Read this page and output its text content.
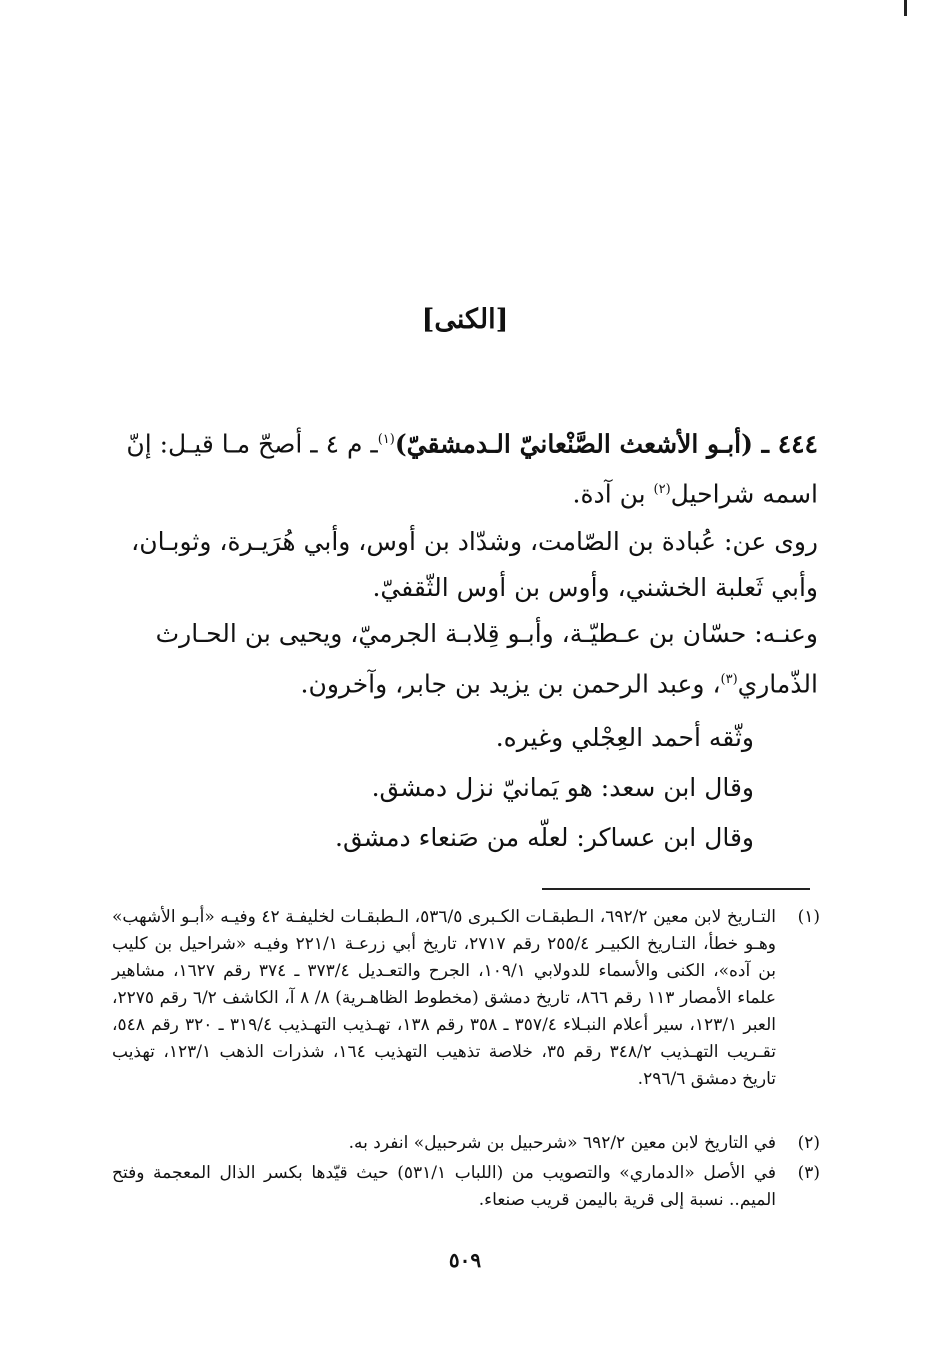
[الكنى]
٤٤٤ ـ (أبـو الأشعث الصَّنْعانيّ الـدمشقيّ)$^{(١)}$ـ م ٤ ـ أصحّ مـا قيـل: إنّ
اسمه شراحيل$^{(٢)}$ بن آدة.
روى عن: عُبادة بن الصّامت، وشدّاد بن أوس، وأبي هُرَيـرة، وثوبـان،
وأبي ثَعلبة الخشني، وأوس بن أوس الثّقفيّ.
وعنـه: حسّان بن عـطيّـة، وأبـو قِلابـة الجرميّ، ويحيى بن الحـارث
الذّماري$^{(٣)}$، وعبد الرحمن بن يزيد بن جابر، وآخرون.
وثّقه أحمد العِجْلي وغيره.
وقال ابن سعد: هو يَمانيّ نزل دمشق.
وقال ابن عساكر: لعلّه من صَنعاء دمشق.
(١)
التـاريخ لابن معين ٦٩٢/٢، الـطبقـات الكـبرى ٥٣٦/٥، الـطبقـات لخليفـة ٤٢ وفيـه «أبـو الأشهب» وهـو خطأ، التـاريخ الكبيـر ٢٥٥/٤ رقم ٢٧١٧، تاريخ أبي زرعـة ٢٢١/١ وفيـه «شراحيل بن كليب بن آده»، الكنى والأسماء للدولابي ١٠٩/١، الجرح والتعـديل ٣٧٣/٤ ـ ٣٧٤ رقم ١٦٢٧، مشاهير علماء الأمصار ١١٣ رقم ٨٦٦، تاريخ دمشق (مخطوط الظاهـرية) ٨/ ٨ آ، الكاشف ٦/٢ رقم ٢٢٧٥، العبر ١٢٣/١، سير أعلام النبـلاء ٣٥٧/٤ ـ ٣٥٨ رقم ١٣٨، تهـذيب التهـذيب ٣١٩/٤ ـ ٣٢٠ رقم ٥٤٨، تقـريب التهـذيب ٣٤٨/٢ رقم ٣٥، خلاصة تذهيب التهذيب ١٦٤، شذرات الذهب ١٢٣/١، تهذيب تاريخ دمشق ٢٩٦/٦.
(٢)
في التاريخ لابن معين ٦٩٢/٢ «شرحبيل بن شرحبيل» انفرد به.
(٣)
في الأصل «الدماري» والتصويب من (اللباب ٥٣١/١) حيث قيّدها بكسر الذال المعجمة وفتح الميم.. نسبة إلى قرية باليمن قريب صنعاء.
٥٠٩
